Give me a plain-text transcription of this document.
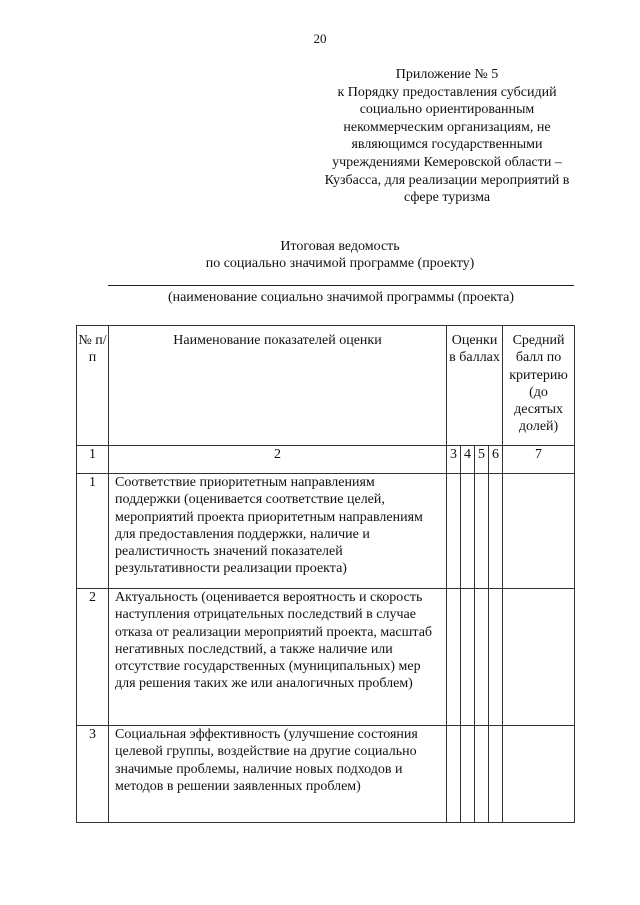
20
Приложение № 5
к Порядку предоставления субсидий
социально ориентированным
некоммерческим организациям, не
являющимся государственными
учреждениями Кемеровской области –
Кузбасса, для реализации мероприятий в
сфере туризма
Итоговая ведомость
по социально значимой программе (проекту)
(наименование социально значимой программы (проекта)
№ п/п	Наименование показателей оценки	Оценки в баллах				Средний балл по критерию (до десятых долей)
1	2	3	4	5	6	7
1	Соответствие приоритетным направлениям поддержки (оценивается соответствие целей, мероприятий проекта приоритетным направлениям для предоставления поддержки, наличие и реалистичность значений показателей результативности реализации проекта)					
2	Актуальность (оценивается вероятность и скорость наступления отрицательных последствий в случае отказа от реализации мероприятий проекта, масштаб негативных последствий, а также наличие или отсутствие государственных (муниципальных) мер для решения таких же или аналогичных проблем)					
3	Социальная эффективность (улучшение состояния целевой группы, воздействие на другие социально значимые проблемы, наличие новых подходов и методов в решении заявленных проблем)					
